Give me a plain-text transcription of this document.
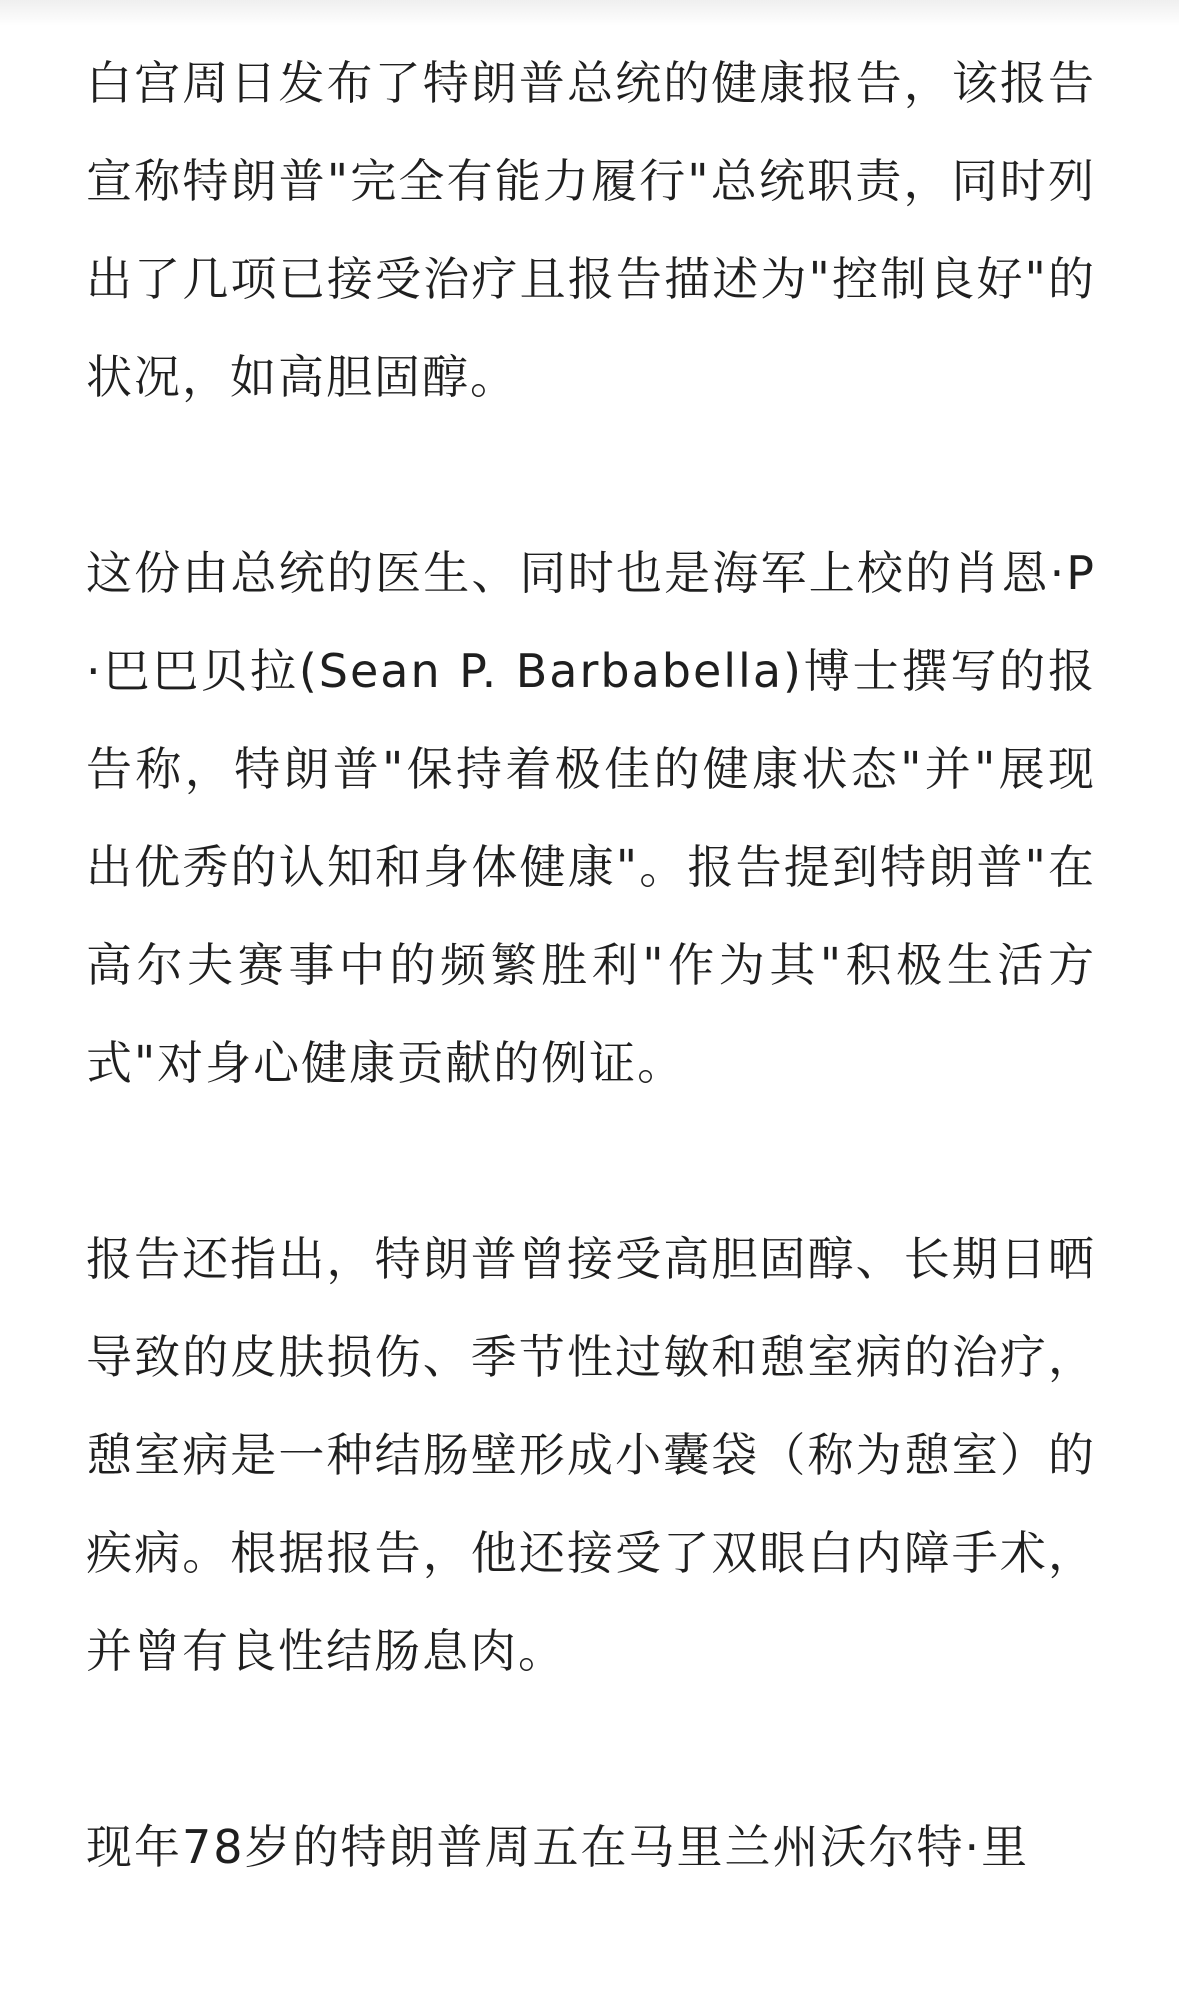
白宫周日发布了特朗普总统的健康报告，该报告宣称特朗普"完全有能力履行"总统职责，同时列出了几项已接受治疗且报告描述为"控制良好"的状况，如高胆固醇。

这份由总统的医生、同时也是海军上校的肖恩·P·巴巴贝拉(Sean P. Barbabella)博士撰写的报告称，特朗普"保持着极佳的健康状态"并"展现出优秀的认知和身体健康"。报告提到特朗普"在高尔夫赛事中的频繁胜利"作为其"积极生活方式"对身心健康贡献的例证。

报告还指出，特朗普曾接受高胆固醇、长期日晒导致的皮肤损伤、季节性过敏和憩室病的治疗，憩室病是一种结肠壁形成小囊袋（称为憩室）的疾病。根据报告，他还接受了双眼白内障手术，并曾有良性结肠息肉。

现年78岁的特朗普周五在马里兰州沃尔特·里
